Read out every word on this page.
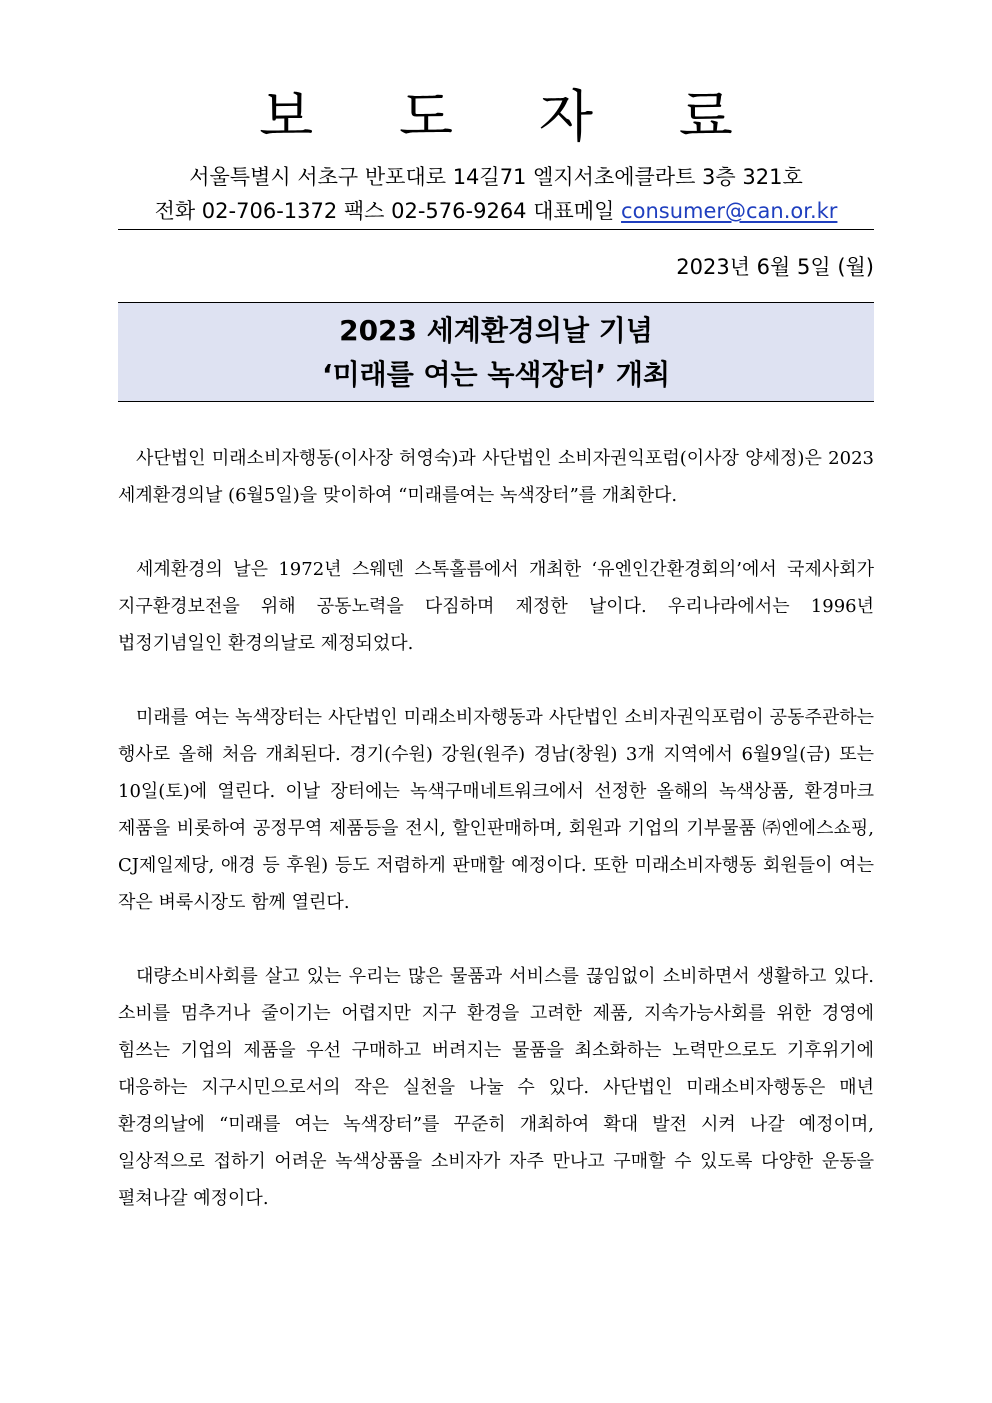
보 도 자 료
서울특별시 서초구 반포대로 14길71 엘지서초에클라트 3층 321호
전화 02-706-1372 팩스 02-576-9264 대표메일 consumer@can.or.kr
2023년 6월 5일 (월)
2023 세계환경의날 기념
‘미래를 여는 녹색장터’ 개최

사단법인 미래소비자행동(이사장 허영숙)과 사단법인 소비자권익포럼(이사장 양세정)은 2023 세계환경의날 (6월5일)을 맞이하여 “미래를여는 녹색장터”를 개최한다.

세계환경의 날은 1972년 스웨덴 스톡홀름에서 개최한 ‘유엔인간환경회의’에서 국제사회가 지구환경보전을 위해 공동노력을 다짐하며 제정한 날이다. 우리나라에서는 1996년 법정기념일인 환경의날로 제정되었다.

미래를 여는 녹색장터는 사단법인 미래소비자행동과 사단법인 소비자권익포럼이 공동주관하는 행사로 올해 처음 개최된다. 경기(수원) 강원(원주) 경남(창원) 3개 지역에서 6월9일(금) 또는 10일(토)에 열린다. 이날 장터에는 녹색구매네트워크에서 선정한 올해의 녹색상품, 환경마크 제품을 비롯하여 공정무역 제품등을 전시, 할인판매하며, 회원과 기업의 기부물품 ㈜엔에스쇼핑, CJ제일제당, 애경 등 후원) 등도 저렴하게 판매할 예정이다. 또한 미래소비자행동 회원들이 여는 작은 벼룩시장도 함께 열린다.

대량소비사회를 살고 있는 우리는 많은 물품과 서비스를 끊임없이 소비하면서 생활하고 있다. 소비를 멈추거나 줄이기는 어렵지만 지구 환경을 고려한 제품, 지속가능사회를 위한 경영에 힘쓰는 기업의 제품을 우선 구매하고 버려지는 물품을 최소화하는 노력만으로도 기후위기에 대응하는 지구시민으로서의 작은 실천을 나눌 수 있다. 사단법인 미래소비자행동은 매년 환경의날에 “미래를 여는 녹색장터”를 꾸준히 개최하여 확대 발전 시켜 나갈 예정이며, 일상적으로 접하기 어려운 녹색상품을 소비자가 자주 만나고 구매할 수 있도록 다양한 운동을 펼쳐나갈 예정이다.
